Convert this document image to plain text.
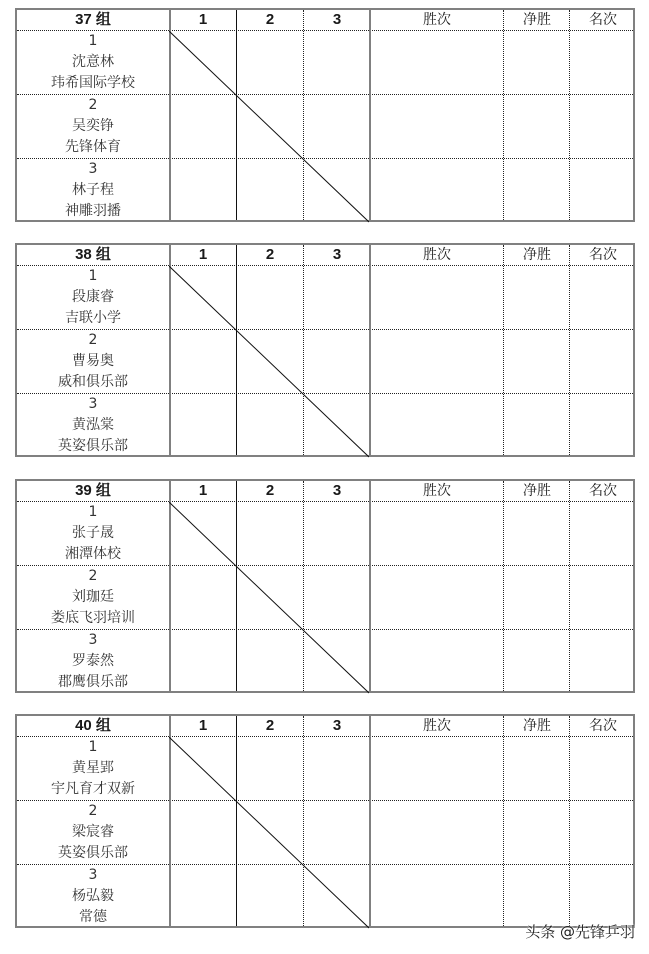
37 组	1	2	3	胜次	净胜	名次
1
沈意林
玮希国际学校
2
吴奕铮
先锋体育
3
林子程
神雕羽播
38 组	1	2	3	胜次	净胜	名次
1
段康睿
吉联小学
2
曹易奥
威和俱乐部
3
黄泓棠
英姿俱乐部
39 组	1	2	3	胜次	净胜	名次
1
张子晟
湘潭体校
2
刘珈廷
娄底飞羽培训
3
罗泰然
郡鹰俱乐部
40 组	1	2	3	胜次	净胜	名次
1
黄星郢
宇凡育才双新
2
梁宸睿
英姿俱乐部
3
杨弘毅
常德
头条 @先锋乒羽
